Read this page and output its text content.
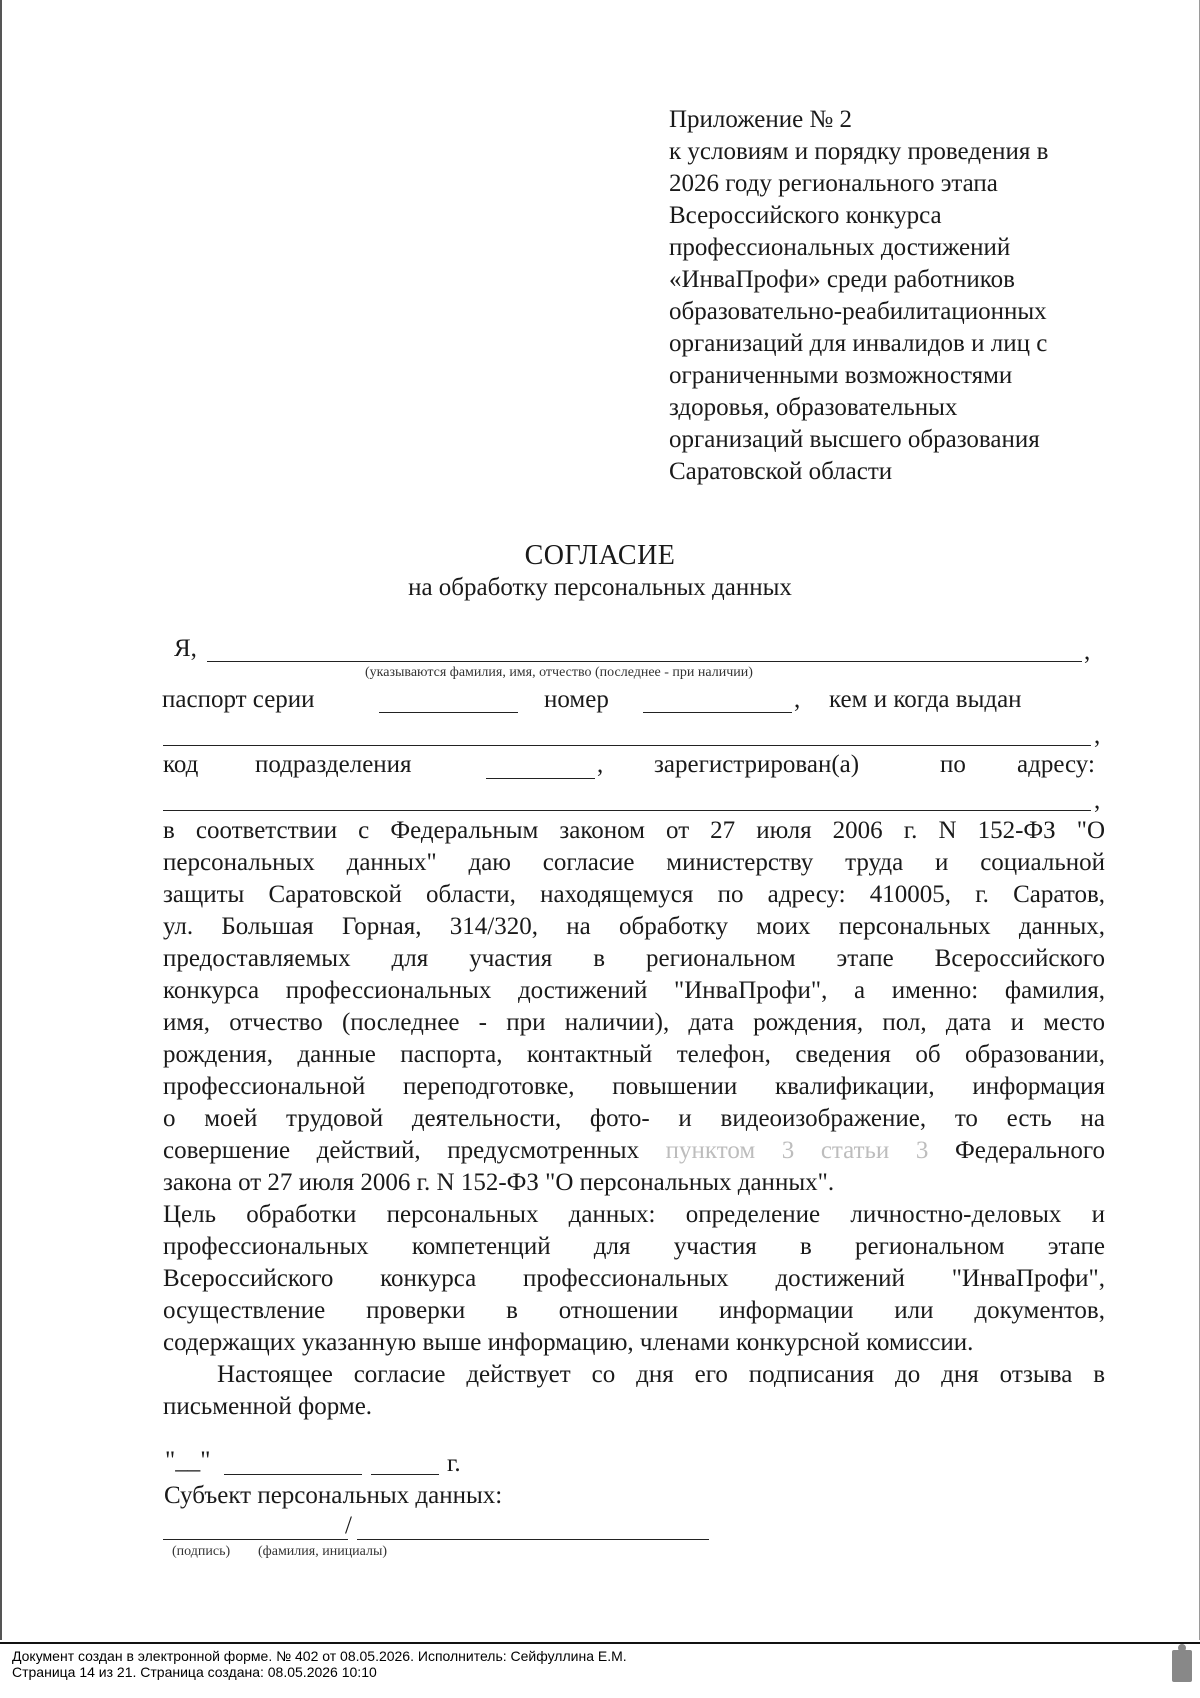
Приложение № 2
к условиям и порядку проведения в
2026 году регионального этапа
Всероссийского конкурса
профессиональных достижений
«ИнваПрофи» среди работников
образовательно-реабилитационных
организаций для инвалидов и лиц с
ограниченными возможностями
здоровья, образовательных
организаций высшего образования
Саратовской области
СОГЛАСИЕ
на обработку персональных данных
Я,	,
(указываются фамилия, имя, отчество (последнее - при наличии)
паспорт серии	номер	, кем и когда выдан
,
код подразделения	, зарегистрирован(а)	по адресу:
,
в соответствии с Федеральным законом от 27 июля 2006 г. N 152-ФЗ "О
персональных данных" даю согласие министерству труда и социальной
защиты Саратовской области, находящемуся по адресу: 410005, г. Саратов,
ул. Большая Горная, 314/320, на обработку моих персональных данных,
предоставляемых для участия в региональном этапе Всероссийского
конкурса профессиональных достижений "ИнваПрофи", а именно: фамилия,
имя, отчество (последнее - при наличии), дата рождения, пол, дата и место
рождения, данные паспорта, контактный телефон, сведения об образовании,
профессиональной переподготовке, повышении квалификации, информация
о моей трудовой деятельности, фото- и видеоизображение, то есть на
совершение действий, предусмотренных пунктом 3 статьи 3 Федерального
закона от 27 июля 2006 г. N 152-ФЗ "О персональных данных".
Цель обработки персональных данных: определение личностно-деловых и
профессиональных компетенций для участия в региональном этапе
Всероссийского конкурса профессиональных достижений "ИнваПрофи",
осуществление проверки в отношении информации или документов,
содержащих указанную выше информацию, членами конкурсной комиссии.
Настоящее согласие действует со дня его подписания до дня отзыва в
письменной форме.
"__"	г.
Субъект персональных данных:
/
(подпись) (фамилия, инициалы)
Документ создан в электронной форме. № 402 от 08.05.2026. Исполнитель: Сейфуллина Е.М.
Страница 14 из 21. Страница создана: 08.05.2026 10:10
